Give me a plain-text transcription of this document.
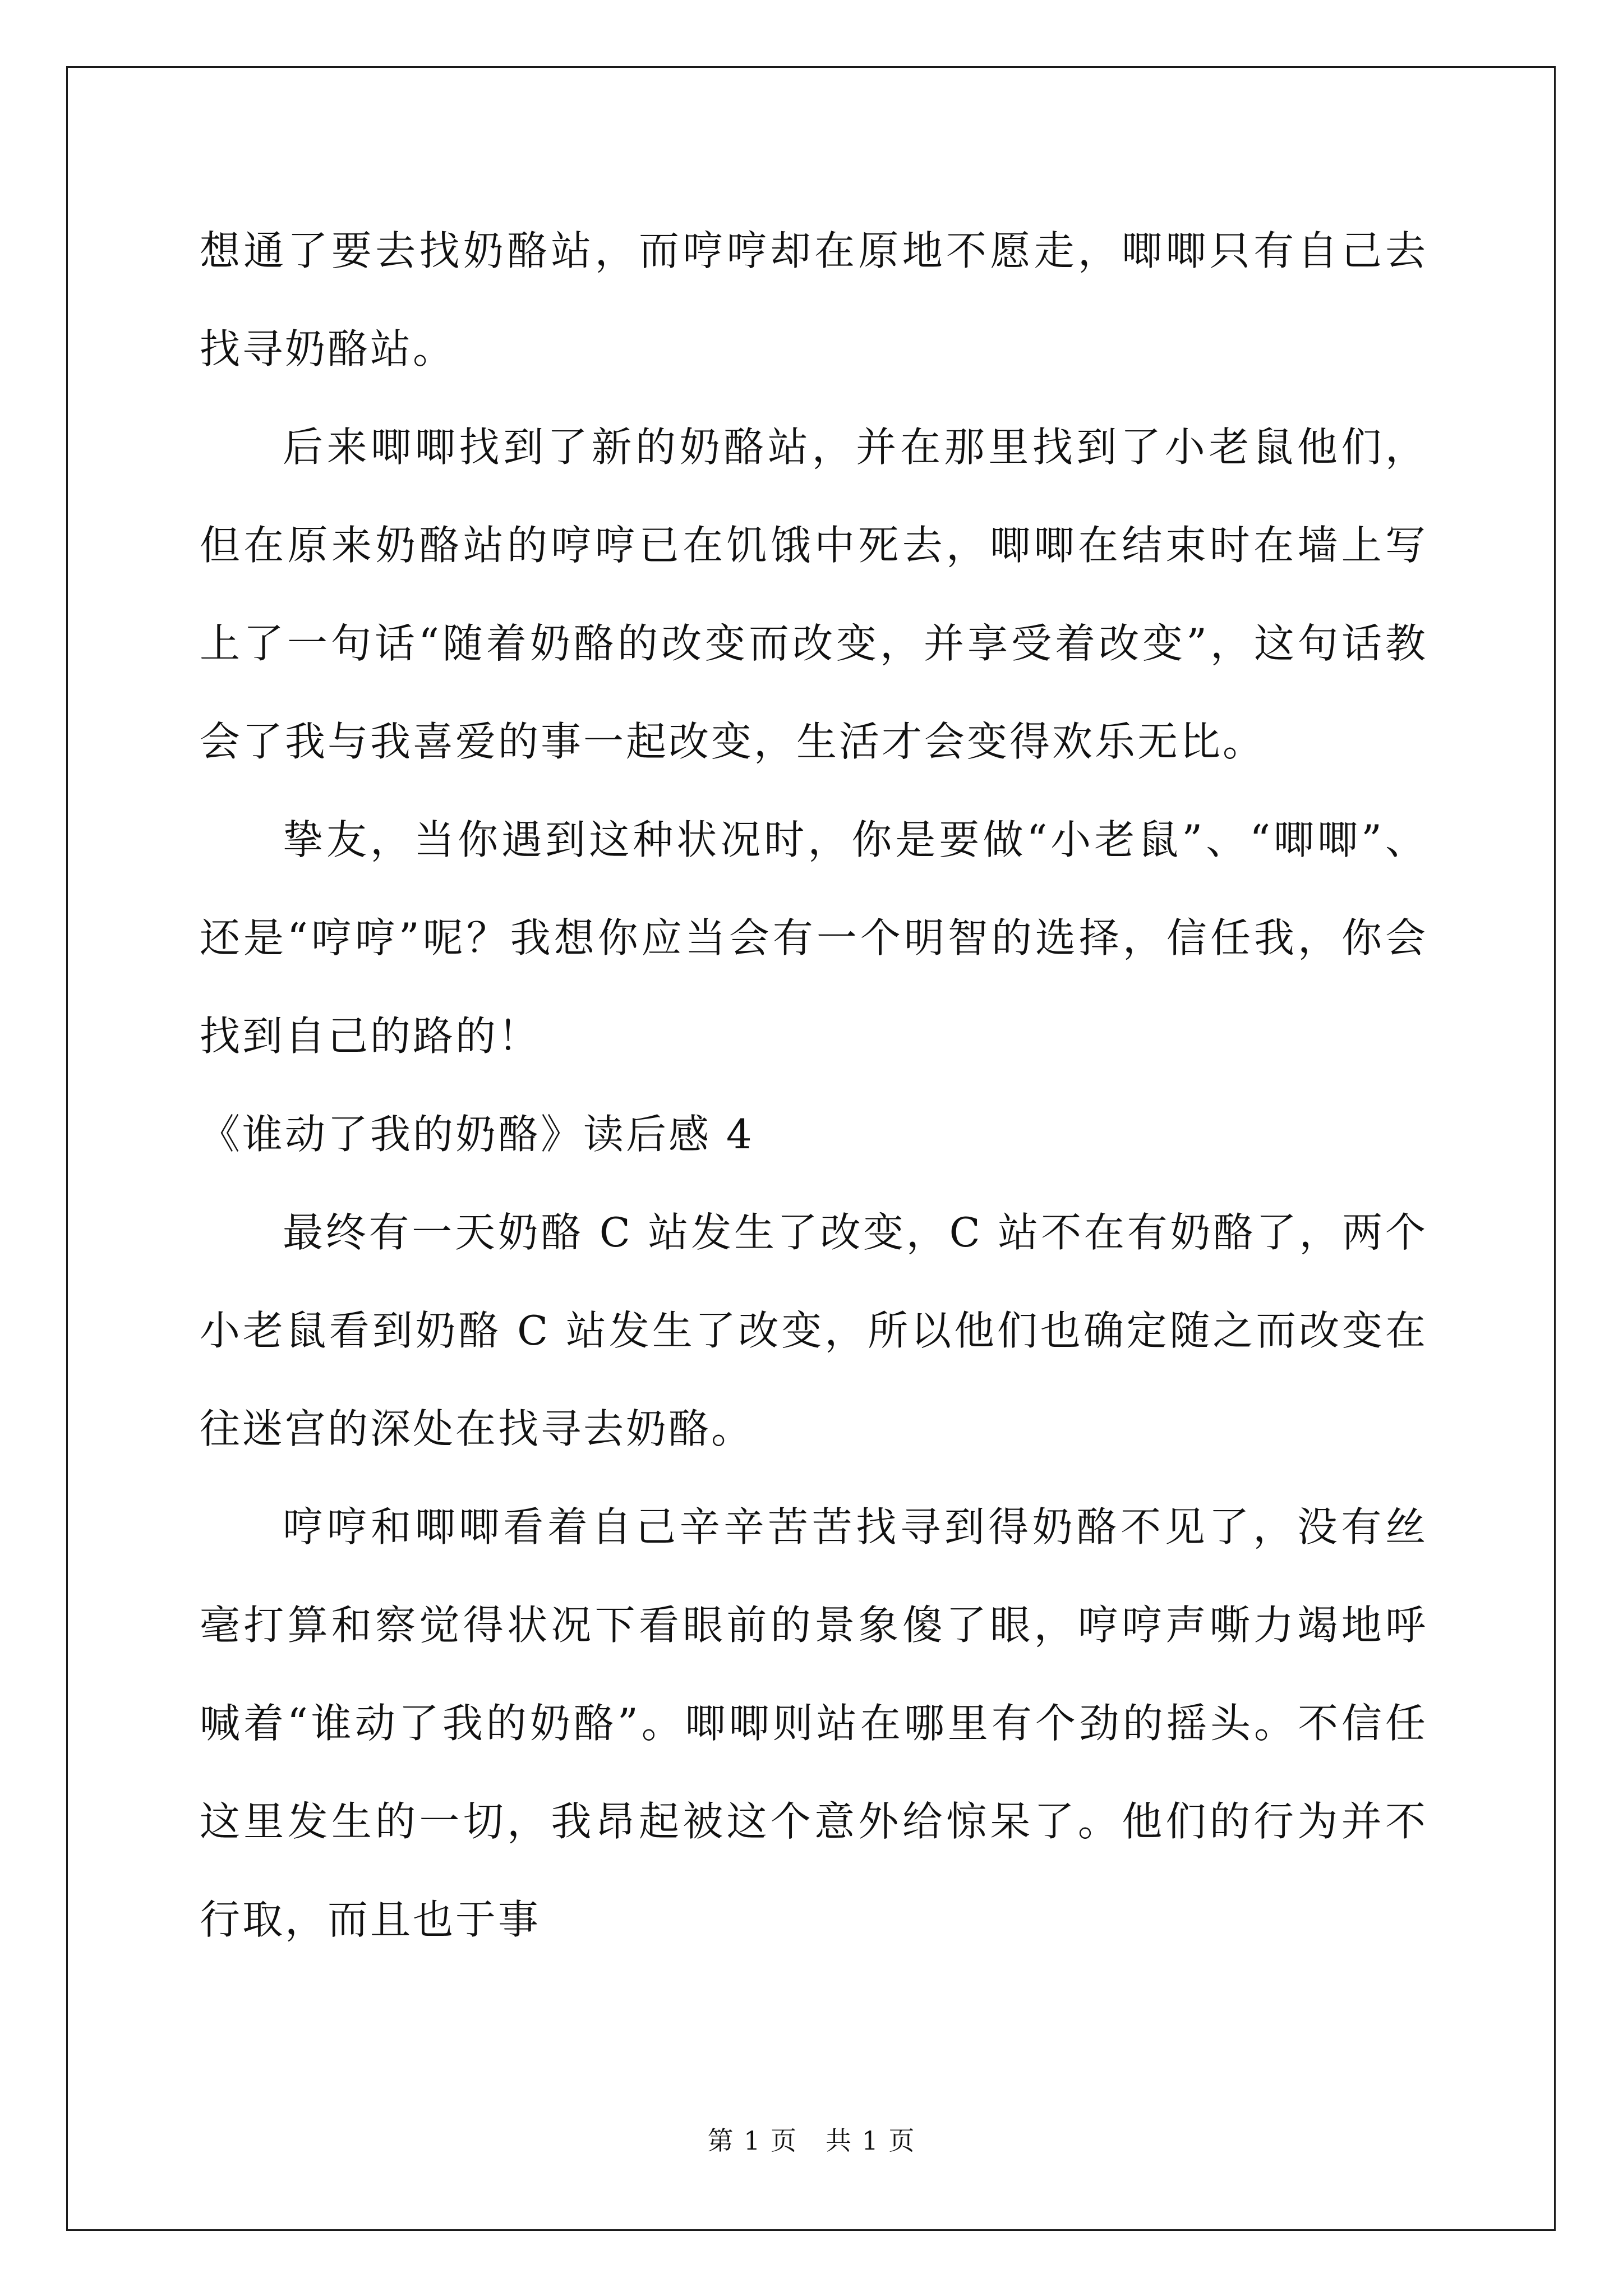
想通了要去找奶酪站，而哼哼却在原地不愿走，唧唧只有自己去找寻奶酪站。

后来唧唧找到了新的奶酪站，并在那里找到了小老鼠他们，但在原来奶酪站的哼哼已在饥饿中死去，唧唧在结束时在墙上写上了一句话“随着奶酪的改变而改变，并享受着改变”，这句话教会了我与我喜爱的事一起改变，生活才会变得欢乐无比。

挚友，当你遇到这种状况时，你是要做“小老鼠”、“唧唧”、还是“哼哼”呢？我想你应当会有一个明智的选择，信任我，你会找到自己的路的！

《谁动了我的奶酪》读后感 4

最终有一天奶酪 C 站发生了改变，C 站不在有奶酪了，两个小老鼠看到奶酪 C 站发生了改变，所以他们也确定随之而改变在往迷宫的深处在找寻去奶酪。

哼哼和唧唧看着自己辛辛苦苦找寻到得奶酪不见了，没有丝毫打算和察觉得状况下看眼前的景象傻了眼，哼哼声嘶力竭地呼喊着“谁动了我的奶酪”。唧唧则站在哪里有个劲的摇头。不信任这里发生的一切，我昂起被这个意外给惊呆了。他们的行为并不行取，而且也于事

第 1 页 共 1 页
